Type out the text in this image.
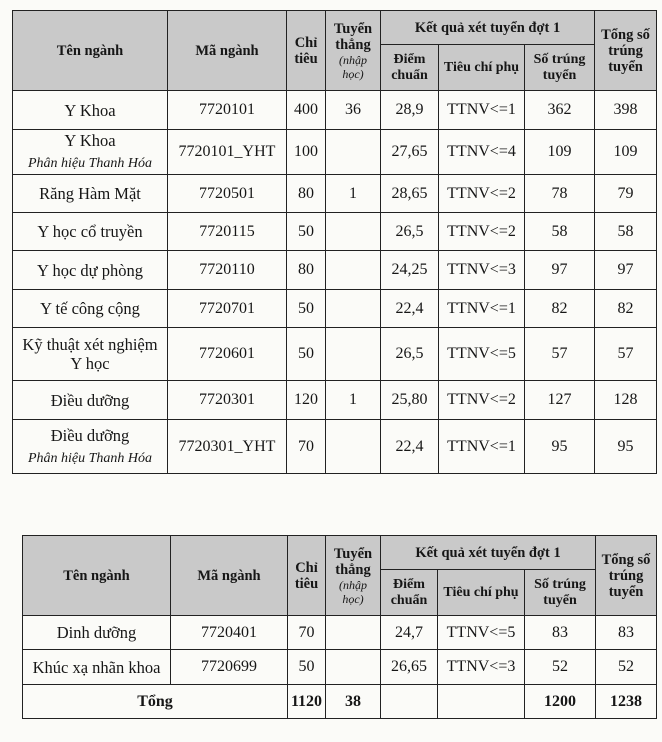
Tên ngành	Mã ngành	Chỉ tiêu	Tuyển thẳng
(nhập học)	Kết quả xét tuyển đợt 1			Tổng số trúng tuyển
				Điểm chuẩn	Tiêu chí phụ	Số trúng tuyển	
Y Khoa	7720101	400	36	28,9	TTNV<=1	362	398
Y Khoa
Phân hiệu Thanh Hóa	7720101_YHT	100		27,65	TTNV<=4	109	109
Răng Hàm Mặt	7720501	80	1	28,65	TTNV<=2	78	79
Y học cổ truyền	7720115	50		26,5	TTNV<=2	58	58
Y học dự phòng	7720110	80		24,25	TTNV<=3	97	97
Y tế công cộng	7720701	50		22,4	TTNV<=1	82	82
Kỹ thuật xét nghiệm Y học	7720601	50		26,5	TTNV<=5	57	57
Điều dưỡng	7720301	120	1	25,80	TTNV<=2	127	128
Điều dưỡng
Phân hiệu Thanh Hóa	7720301_YHT	70		22,4	TTNV<=1	95	95
Tên ngành	Mã ngành	Chỉ tiêu	Tuyển thẳng
(nhập học)	Kết quả xét tuyển đợt 1			Tổng số trúng tuyển
				Điểm chuẩn	Tiêu chí phụ	Số trúng tuyển	
Dinh dưỡng	7720401	70		24,7	TTNV<=5	83	83
Khúc xạ nhãn khoa	7720699	50		26,65	TTNV<=3	52	52
Tổng		1120	38			1200	1238
